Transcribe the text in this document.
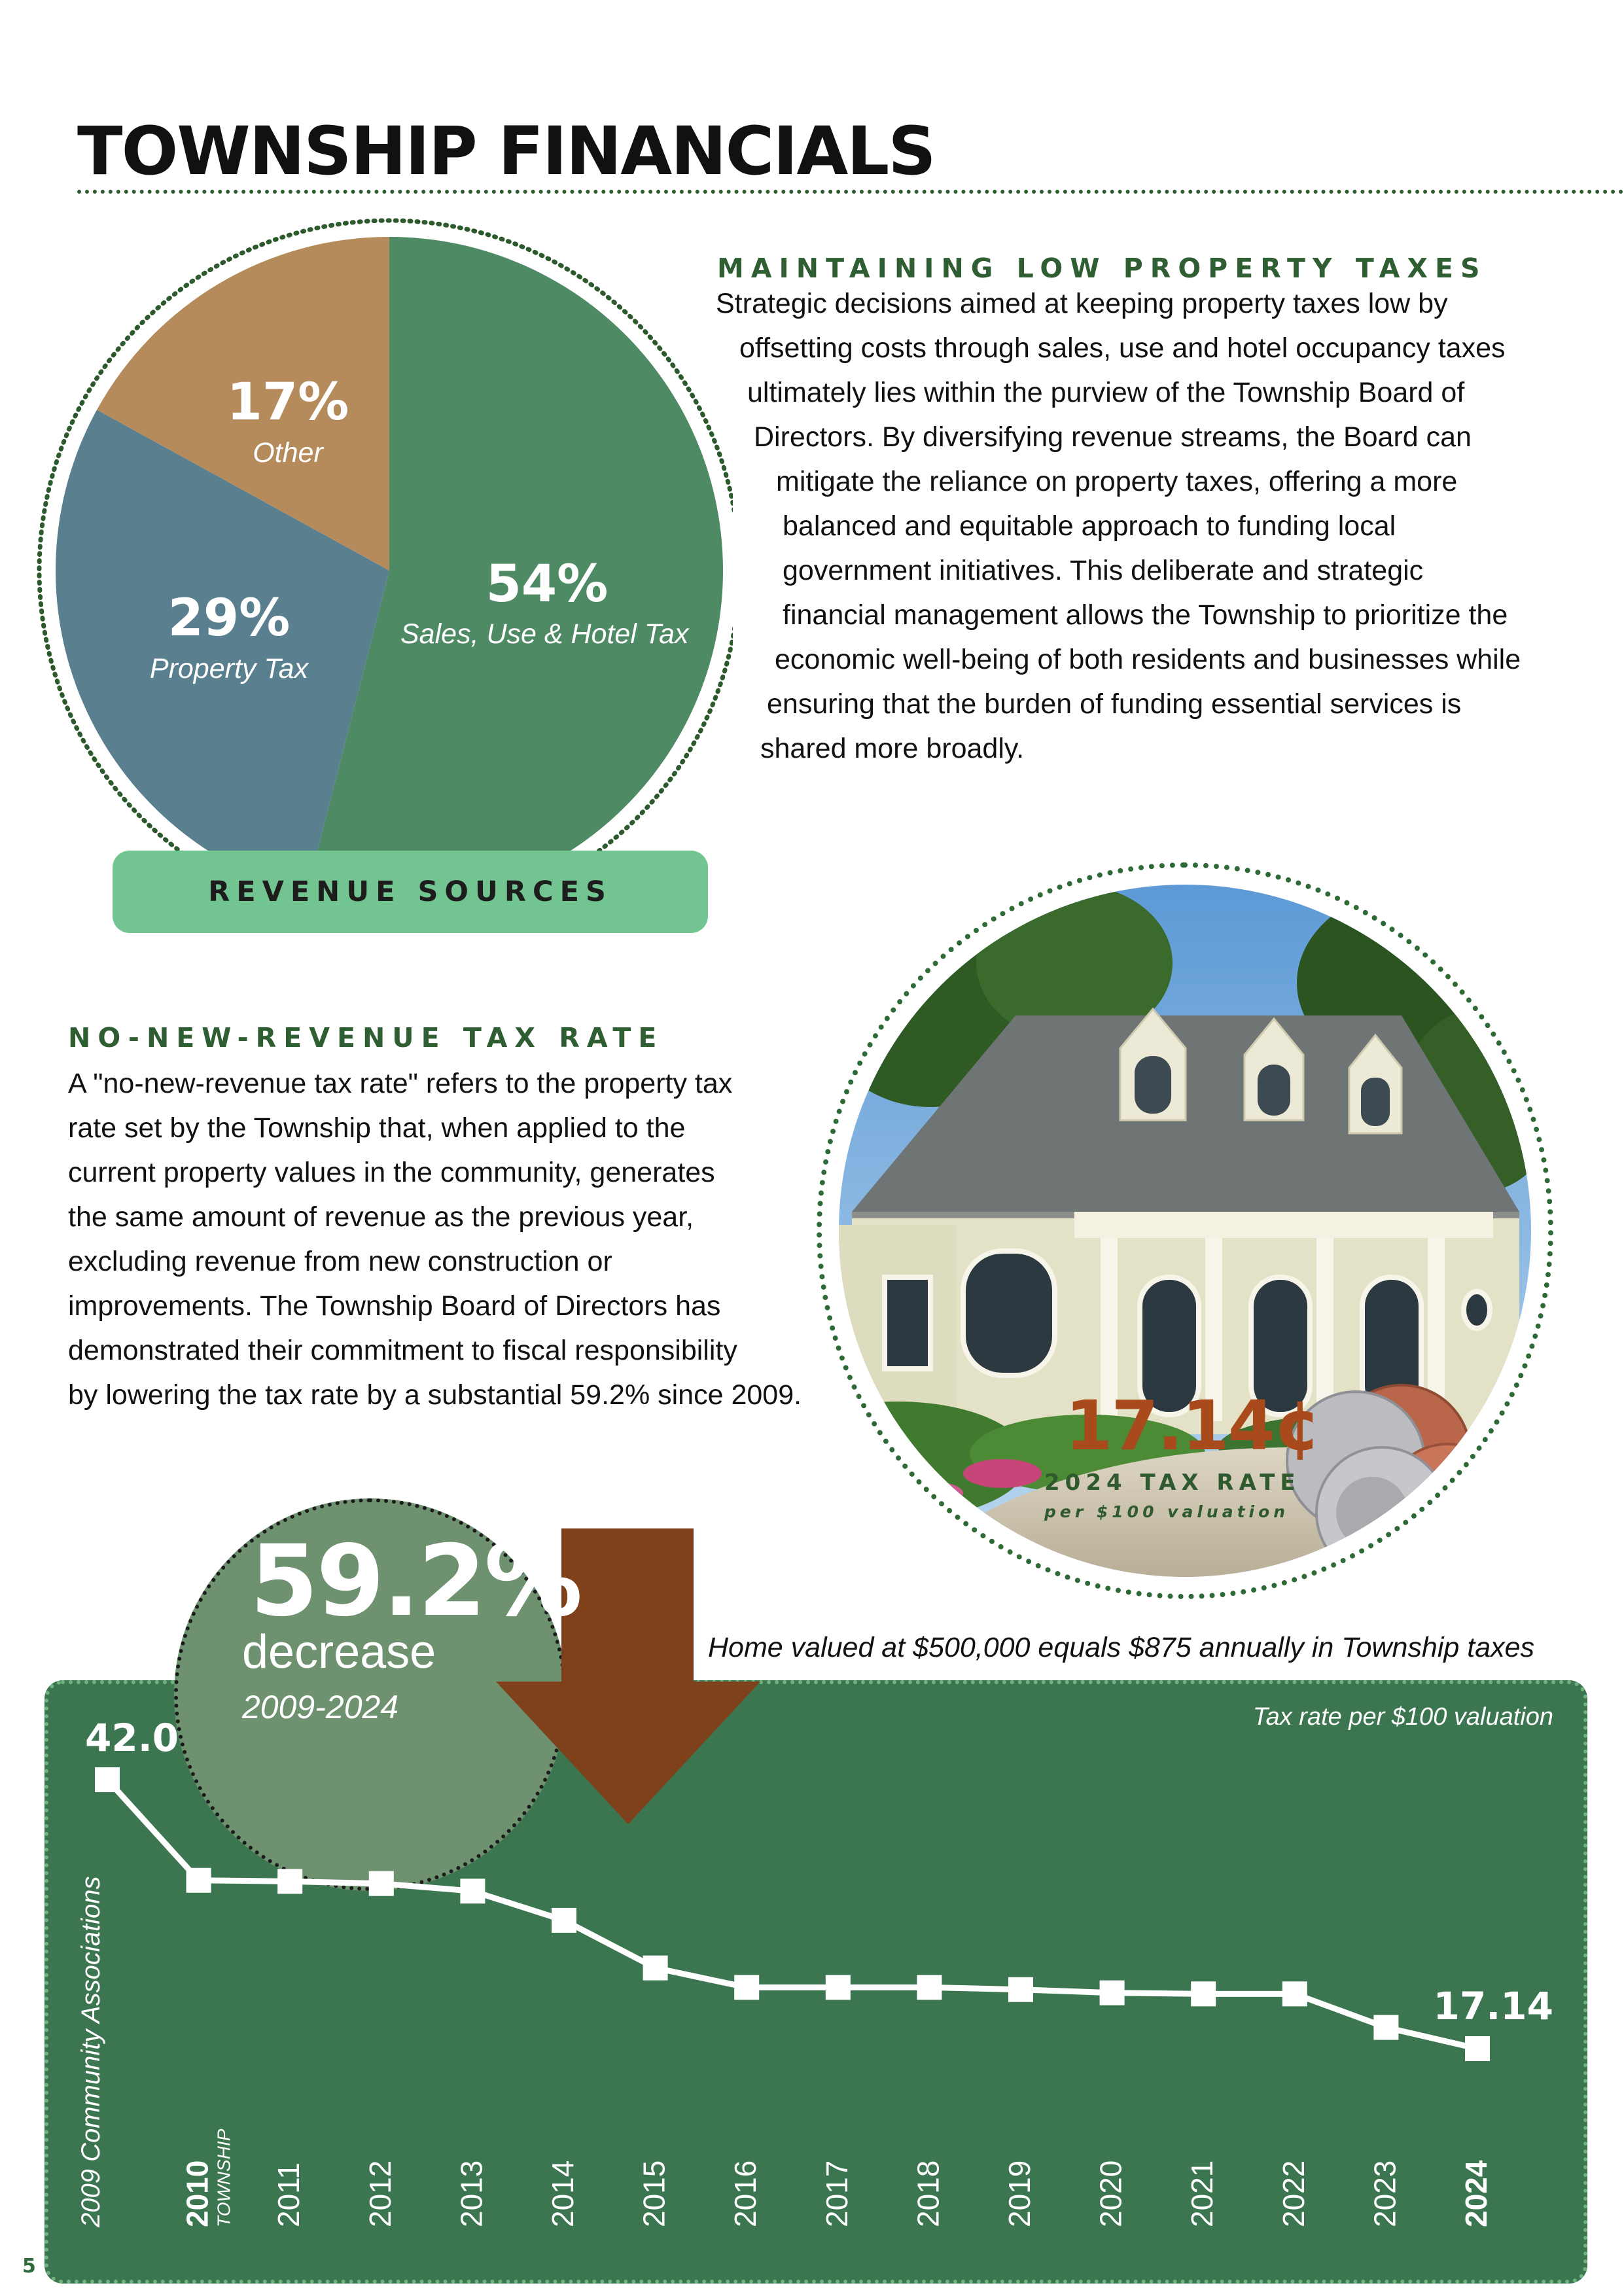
TOWNSHIP FINANCIALS
54%
Sales, Use & Hotel Tax
29%
Property Tax
17%
Other
REVENUE SOURCES
MAINTAINING LOW PROPERTY TAXES
Strategic decisions aimed at keeping property taxes low by
offsetting costs through sales, use and hotel occupancy taxes
ultimately lies within the purview of the Township Board of
Directors. By diversifying revenue streams, the Board can
mitigate the reliance on property taxes, offering a more
balanced and equitable approach to funding local
government initiatives. This deliberate and strategic
financial management allows the Township to prioritize the
economic well-being of both residents and businesses while
ensuring that the burden of funding essential services is
shared more broadly.
NO-NEW-REVENUE TAX RATE
A "no-new-revenue tax rate" refers to the property tax
rate set by the Township that, when applied to the
current property values in the community, generates
the same amount of revenue as the previous year,
excluding revenue from new construction or
improvements. The Township Board of Directors has
demonstrated their commitment to fiscal responsibility
by lowering the tax rate by a substantial 59.2% since 2009.	17.14¢
2024 TAX RATE
per $100 valuation
59.2%
decrease
2009-2024
Home valued at $500,000 equals $875 annually in Township taxes
Tax rate per $100 valuation
42.0
17.14
2009 Community Associations 2010 TOWNSHIP 2011 2012 2013 2014 2015 2016 2017 2018 2019 2020 2021 2022 2023 2024
5
